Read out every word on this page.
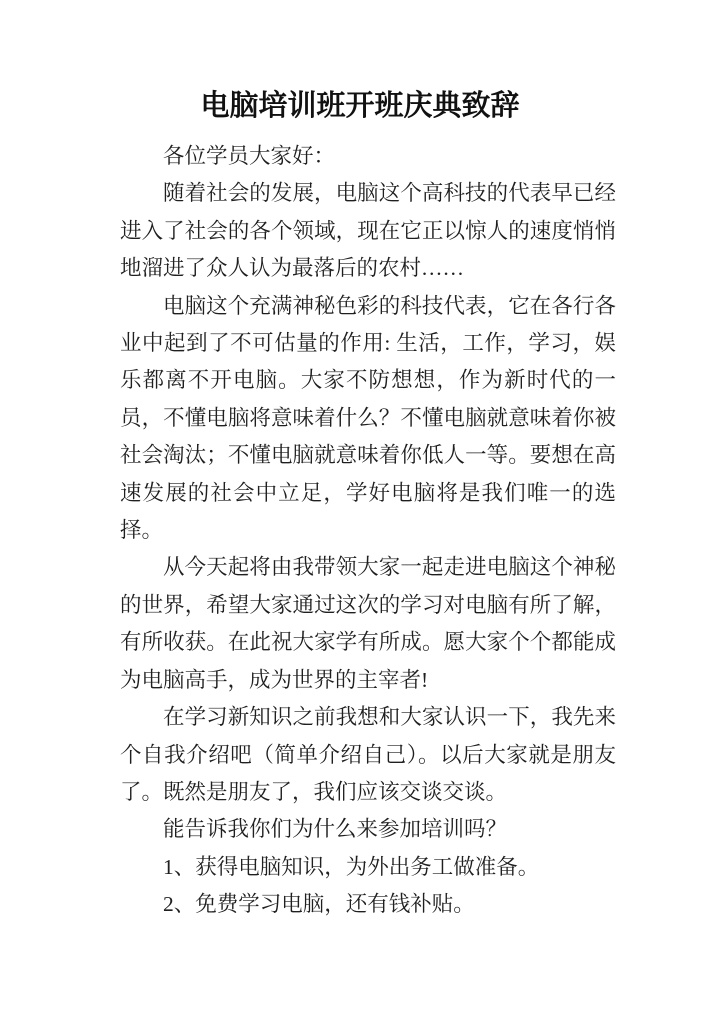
电脑培训班开班庆典致辞

各位学员大家好：

随着社会的发展，电脑这个高科技的代表早已经进入了社会的各个领域，现在它正以惊人的速度悄悄地溜进了众人认为最落后的农村……

电脑这个充满神秘色彩的科技代表，它在各行各业中起到了不可估量的作用: 生活，工作，学习，娱乐都离不开电脑。大家不防想想，作为新时代的一员，不懂电脑将意味着什么？不懂电脑就意味着你被社会淘汰；不懂电脑就意味着你低人一等。要想在高速发展的社会中立足，学好电脑将是我们唯一的选择。

从今天起将由我带领大家一起走进电脑这个神秘的世界，希望大家通过这次的学习对电脑有所了解，有所收获。在此祝大家学有所成。愿大家个个都能成为电脑高手，成为世界的主宰者!

在学习新知识之前我想和大家认识一下，我先来个自我介绍吧（简单介绍自己）。以后大家就是朋友了。既然是朋友了，我们应该交谈交谈。

能告诉我你们为什么来参加培训吗？

1、获得电脑知识，为外出务工做准备。

2、免费学习电脑，还有钱补贴。
